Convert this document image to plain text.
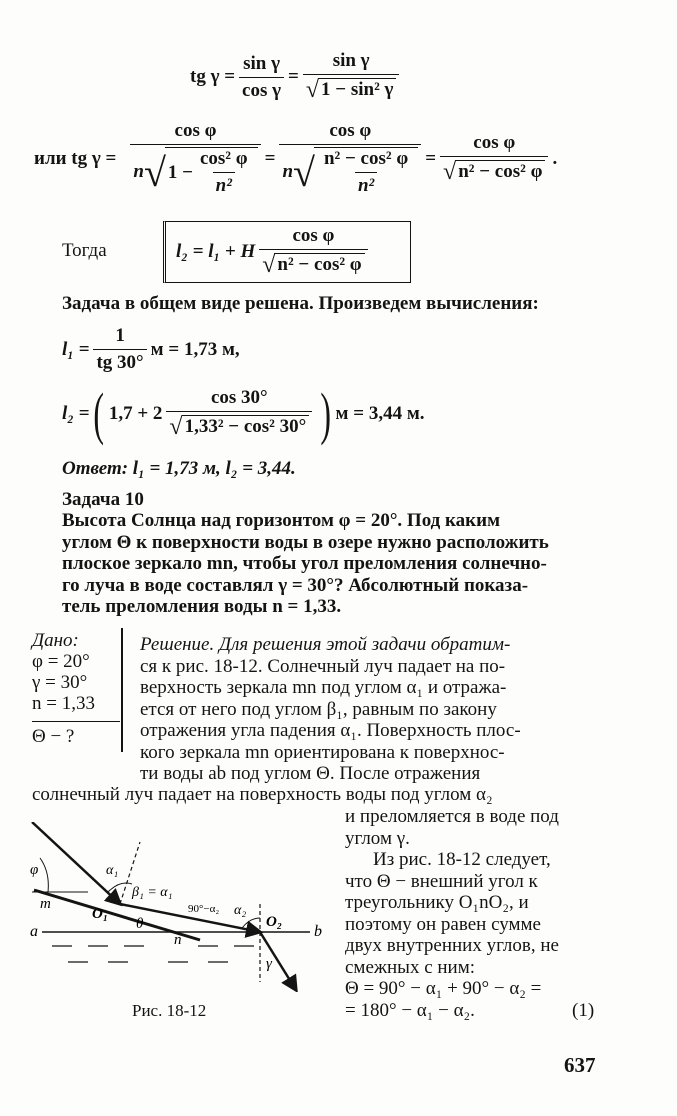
tg $\gamma = \frac{\text{sin γ}}{\text{cos γ}} = \frac{\text{sin γ}}{\text{√ 1 − sin² γ}}$
или tg $\gamma = \frac{\text{cos φ}}{n √ 1 - \frac{\text{cos² φ}}{\text{n²}}} = \frac{\text{cos φ}}{n √ \frac{\text{n² − cos² φ}}{\text{n²}}} = \frac{\text{cos φ}}{\text{√ n² − cos² φ}}$ .
Тогда	l₂ = l₁ + H $\frac{\text{cos φ}}{\text{√ n² − cos² φ}}$
Задача в общем виде решена. Произведем вычисления:
$l_1 = \frac{1}{tg 30^\circ}$ м = 1,73 м,
l₂ = ( $1,7 + 2 \frac{\cos 30^\circ}{\text{√ 1,33² − cos² 30°}}$ ) м = 3,44 м.
Ответ: l₁ = 1,73 м, l₂ = 3,44.
Задача 10
Высота Солнца над горизонтом φ = 20°. Под каким
углом Θ к поверхности воды в озере нужно расположить
плоское зеркало mn, чтобы угол преломления солнечно-
го луча в воде составлял γ = 30°? Абсолютный показа-
тель преломления воды n = 1,33.
Дано:
φ = 20°
γ = 30°
n = 1,33
Θ − ?
Решение. Для решения этой задачи обратим-
ся к рис. 18-12. Солнечный луч падает на по-
верхность зеркала mn под углом α₁ и отража-
ется от него под углом β₁, равным по закону
отражения угла падения α₁. Поверхность плос-
кого зеркала mn ориентирована к поверхнос-
ти воды ab под углом Θ. После отражения
солнечный луч падает на поверхность воды под углом α₂
и преломляется в воде под
углом γ.
Из рис. 18-12 следует,
что Θ − внешний угол к
треугольнику O₁nO₂, и
поэтому он равен сумме
двух внутренних углов, не
смежных с ним:
Θ = 90° − α₁ + 90° − α₂ =
= 180° − α₁ − α₂.	(1)
φ
θ
α₁
β₁ = α₁
90°−α₂ α₂
O₁	O₂
a	b
m
n
γ
Рис. 18-12
637
